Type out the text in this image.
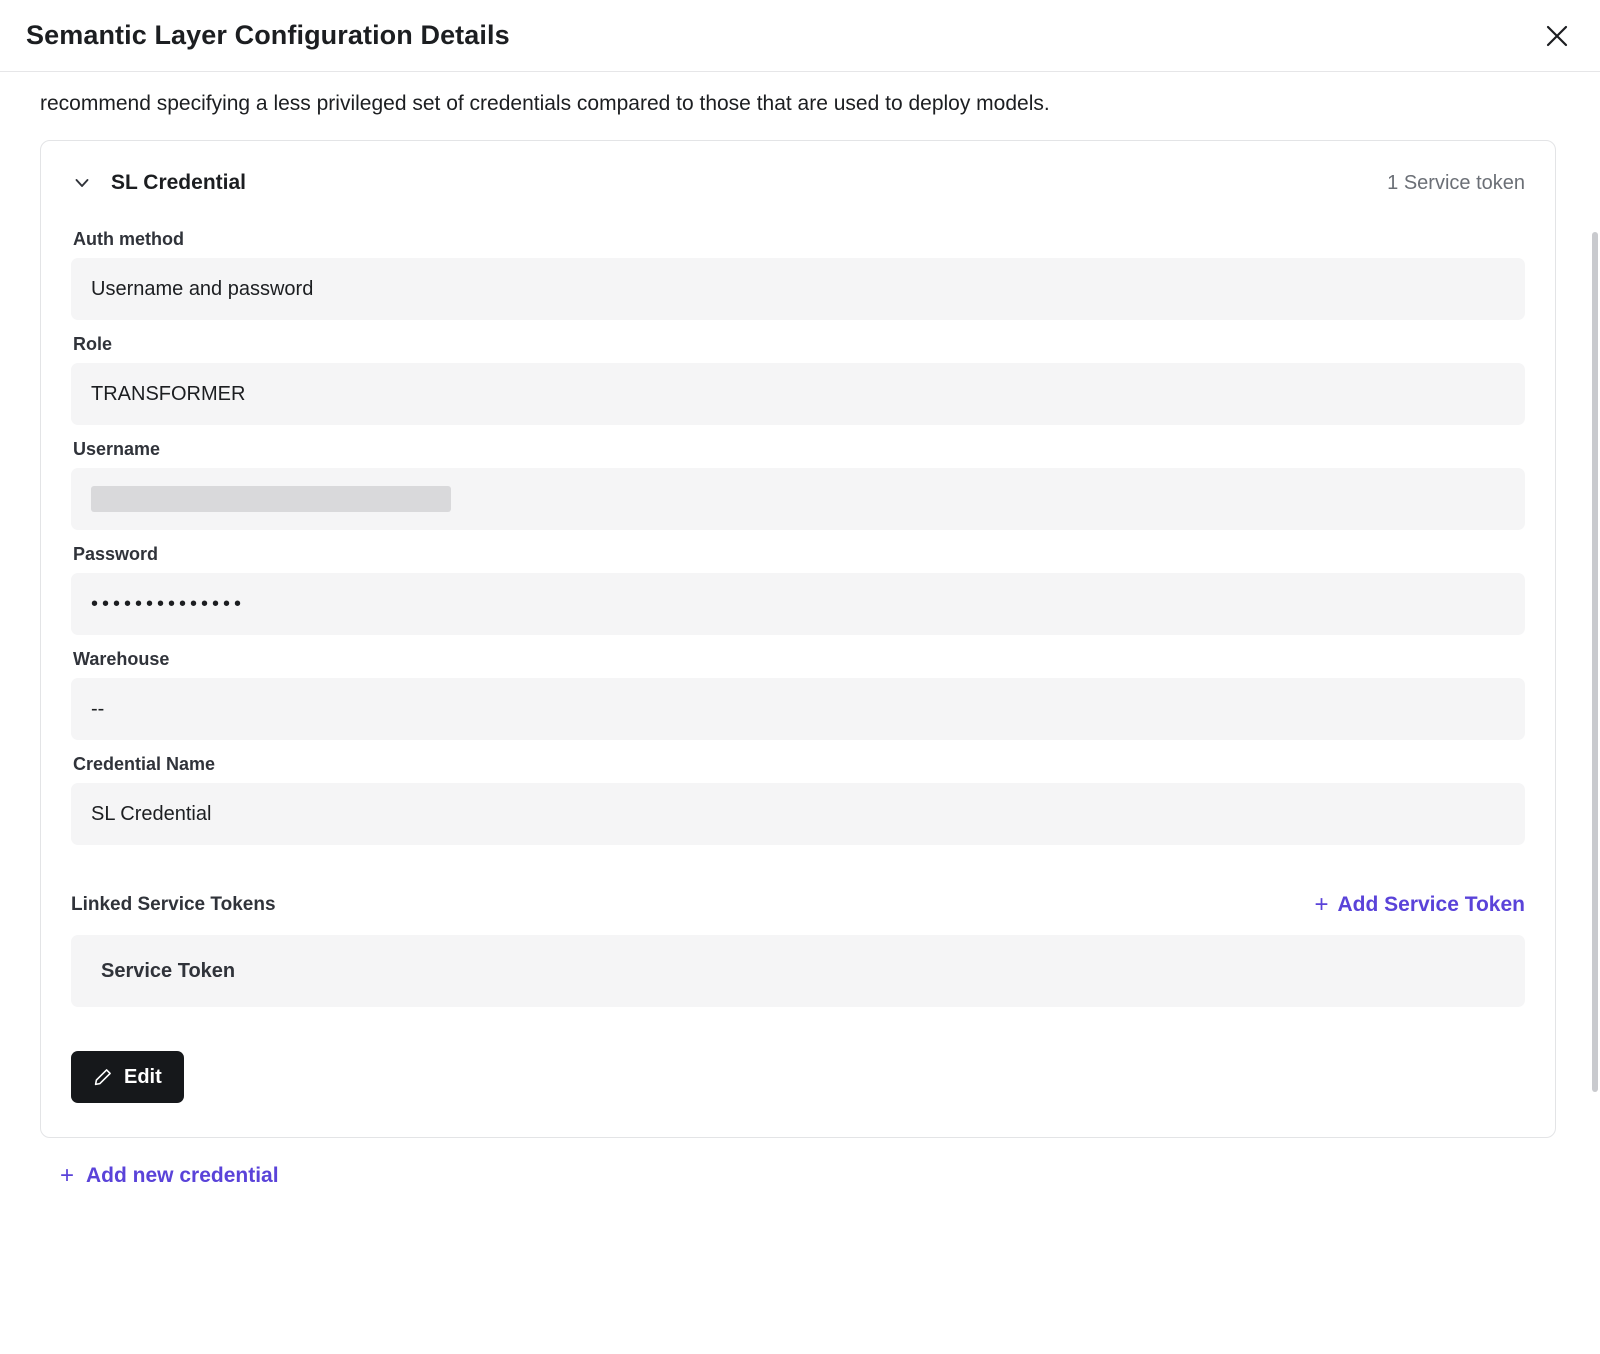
Semantic Layer Configuration Details

recommend specifying a less privileged set of credentials compared to those that are used to deploy models.

SL Credential	1 Service token
Auth method
Username and password
Role
TRANSFORMER
Username
Password
••••••••••••••
Warehouse
--
Credential Name
SL Credential
Linked Service Tokens	+ Add Service Token
Service Token
Edit
+ Add new credential
